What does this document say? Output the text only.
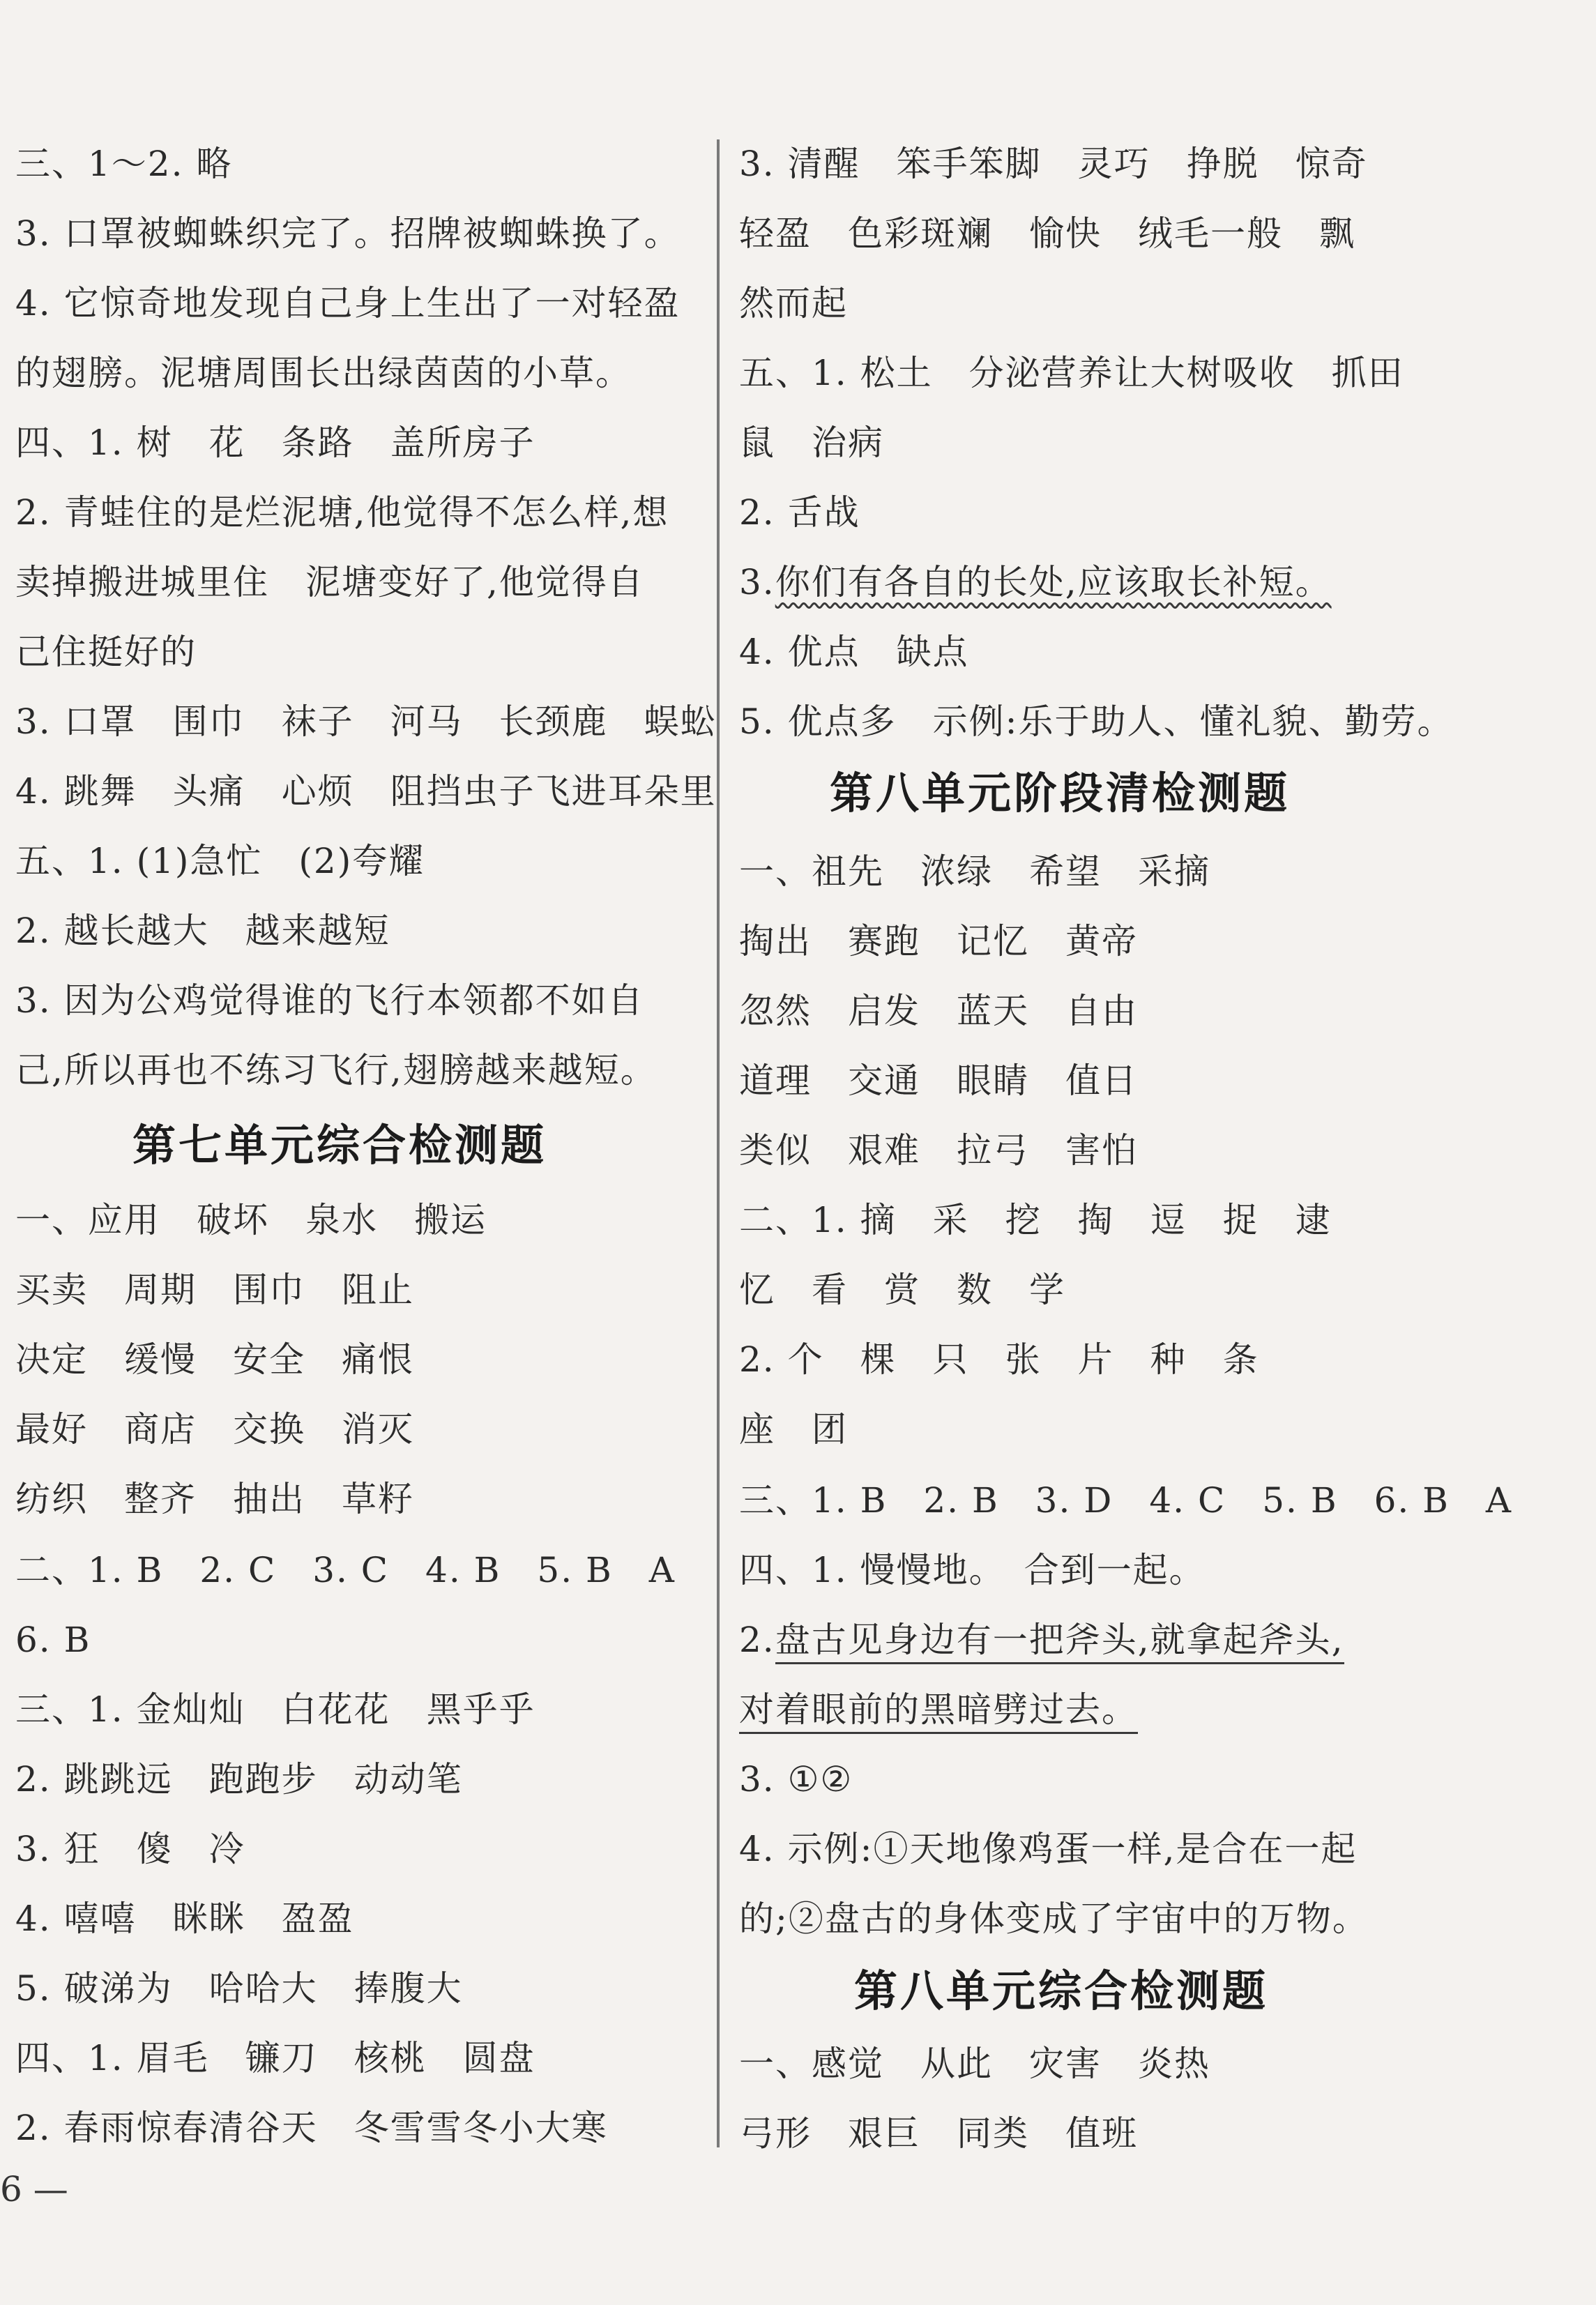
三、1～2. 略
3. 口罩被蜘蛛织完了。招牌被蜘蛛换了。
4. 它惊奇地发现自己身上生出了一对轻盈
的翅膀。泥塘周围长出绿茵茵的小草。
四、1. 树　花　条路　盖所房子
2. 青蛙住的是烂泥塘,他觉得不怎么样,想
卖掉搬进城里住　泥塘变好了,他觉得自
己住挺好的
3. 口罩　围巾　袜子　河马　长颈鹿　蜈蚣
4. 跳舞　头痛　心烦　阻挡虫子飞进耳朵里
五、1. (1)急忙　(2)夸耀
2. 越长越大　越来越短
3. 因为公鸡觉得谁的飞行本领都不如自
己,所以再也不练习飞行,翅膀越来越短。
第七单元综合检测题
一、应用　破坏　泉水　搬运
买卖　周期　围巾　阻止
决定　缓慢　安全　痛恨
最好　商店　交换　消灭
纺织　整齐　抽出　草籽
二、1. B　2. C　3. C　4. B　5. B　A
6. B
三、1. 金灿灿　白花花　黑乎乎
2. 跳跳远　跑跑步　动动笔
3. 狂　傻　冷
4. 嘻嘻　眯眯　盈盈
5. 破涕为　哈哈大　捧腹大
四、1. 眉毛　镰刀　核桃　圆盘
2. 春雨惊春清谷天　冬雪雪冬小大寒
3. 清醒　笨手笨脚　灵巧　挣脱　惊奇
轻盈　色彩斑斓　愉快　绒毛一般　飘
然而起
五、1. 松土　分泌营养让大树吸收　抓田
鼠　治病
2. 舌战
3.你们有各自的长处,应该取长补短。
4. 优点　缺点
5. 优点多　示例:乐于助人、懂礼貌、勤劳。
第八单元阶段清检测题
一、祖先　浓绿　希望　采摘
掏出　赛跑　记忆　黄帝
忽然　启发　蓝天　自由
道理　交通　眼睛　值日
类似　艰难　拉弓　害怕
二、1. 摘　采　挖　掏　逗　捉　逮
忆　看　赏　数　学
2. 个　棵　只　张　片　种　条
座　团
三、1. B　2. B　3. D　4. C　5. B　6. B　A
四、1. 慢慢地。　合到一起。
2.盘古见身边有一把斧头,就拿起斧头,
对着眼前的黑暗劈过去。
3. ①②
4. 示例:①天地像鸡蛋一样,是合在一起
的;②盘古的身体变成了宇宙中的万物。
第八单元综合检测题
一、感觉　从此　灾害　炎热
弓形　艰巨　同类　值班
6 —
